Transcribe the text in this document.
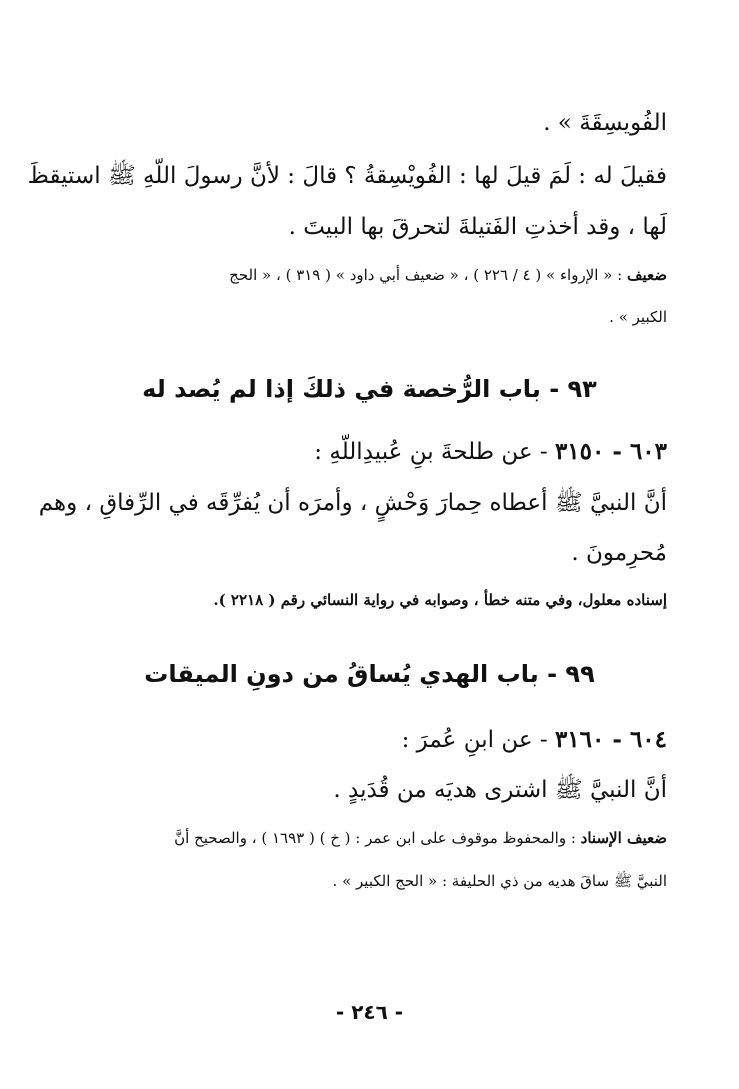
الفُويسِقَةَ » .
فقيلَ له : لَمَ قيلَ لها : الفُويْسِقةُ ؟ قالَ : لأنَّ رسولَ اللّهِ ﷺ استيقظَ
لَها ، وقد أخذتِ الفَتيلةَ لتحرقَ بها البيتَ .
ضعيف : « الإرواء » ( ٤ / ٢٢٦ ) ، « ضعيف أبي داود » ( ٣١٩ ) ، « الحج
الكبير » .
٩٣ - باب الرُّخصة في ذلكَ إذا لم يُصد له
٦٠٣ - ٣١٥٠ - عن طلحةَ بنِ عُبيدِاللّهِ :
أنَّ النبيَّ ﷺ أعطاه حِمارَ وَحْشٍ ، وأمرَه أن يُفرِّقَه في الرِّفاقِ ، وهم
مُحرِمونَ .
إسناده معلول، وفي متنه خطأ ، وصوابه في رواية النسائي رقم ( ٢٢١٨ ).
٩٩ - باب الهدي يُساقُ من دونِ الميقات
٦٠٤ - ٣١٦٠ - عن ابنِ عُمرَ :
أنَّ النبيَّ ﷺ اشترى هديَه من قُدَيدٍ .
ضعيف الإسناد : والمحفوظ موقوف على ابن عمر : ( خ ) ( ١٦٩٣ ) ، والصحيح أنَّ
النبيَّ ﷺ ساقَ هديه من ذي الحليفة : « الحج الكبير » .
- ٢٤٦ -
